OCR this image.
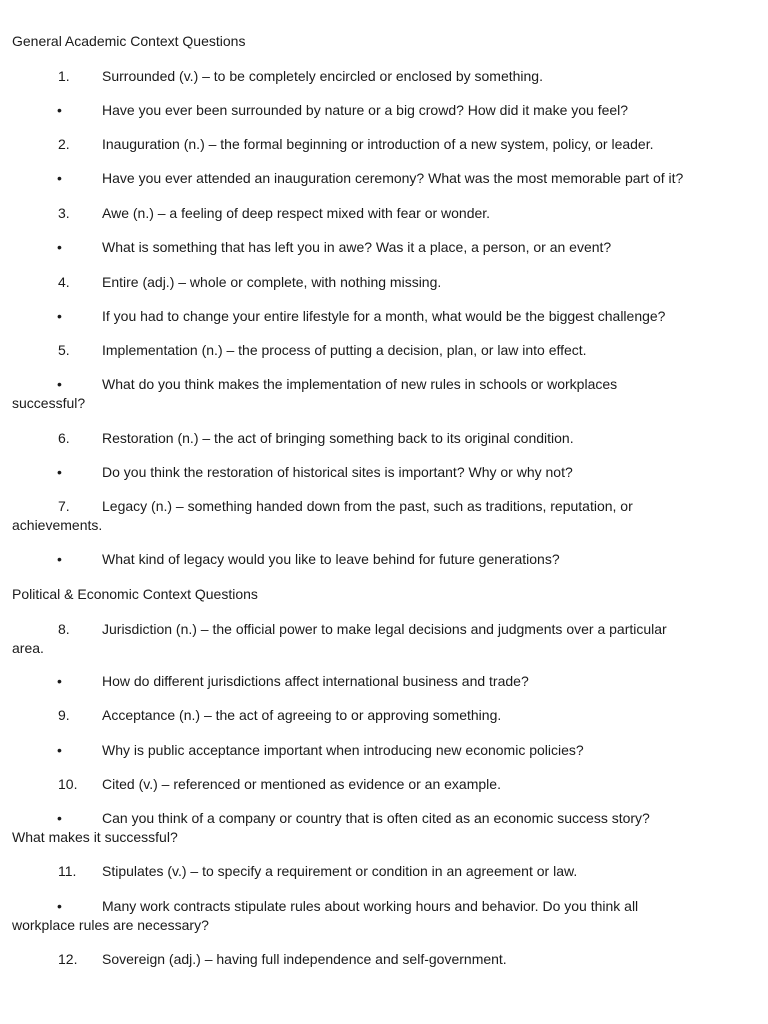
General Academic Context Questions

1. Surrounded (v.) – to be completely encircled or enclosed by something.
•	Have you ever been surrounded by nature or a big crowd? How did it make you feel?
2. Inauguration (n.) – the formal beginning or introduction of a new system, policy, or leader.
•	Have you ever attended an inauguration ceremony? What was the most memorable part of it?
3. Awe (n.) – a feeling of deep respect mixed with fear or wonder.
•	What is something that has left you in awe? Was it a place, a person, or an event?
4. Entire (adj.) – whole or complete, with nothing missing.
•	If you had to change your entire lifestyle for a month, what would be the biggest challenge?
5. Implementation (n.) – the process of putting a decision, plan, or law into effect.
•	What do you think makes the implementation of new rules in schools or workplaces
successful?
6. Restoration (n.) – the act of bringing something back to its original condition.
•	Do you think the restoration of historical sites is important? Why or why not?
7. Legacy (n.) – something handed down from the past, such as traditions, reputation, or
achievements.
•	What kind of legacy would you like to leave behind for future generations?

Political & Economic Context Questions

8. Jurisdiction (n.) – the official power to make legal decisions and judgments over a particular
area.
•	How do different jurisdictions affect international business and trade?
9. Acceptance (n.) – the act of agreeing to or approving something.
•	Why is public acceptance important when introducing new economic policies?
10. Cited (v.) – referenced or mentioned as evidence or an example.
•	Can you think of a company or country that is often cited as an economic success story?
What makes it successful?
11. Stipulates (v.) – to specify a requirement or condition in an agreement or law.
•	Many work contracts stipulate rules about working hours and behavior. Do you think all
workplace rules are necessary?
12. Sovereign (adj.) – having full independence and self-government.
